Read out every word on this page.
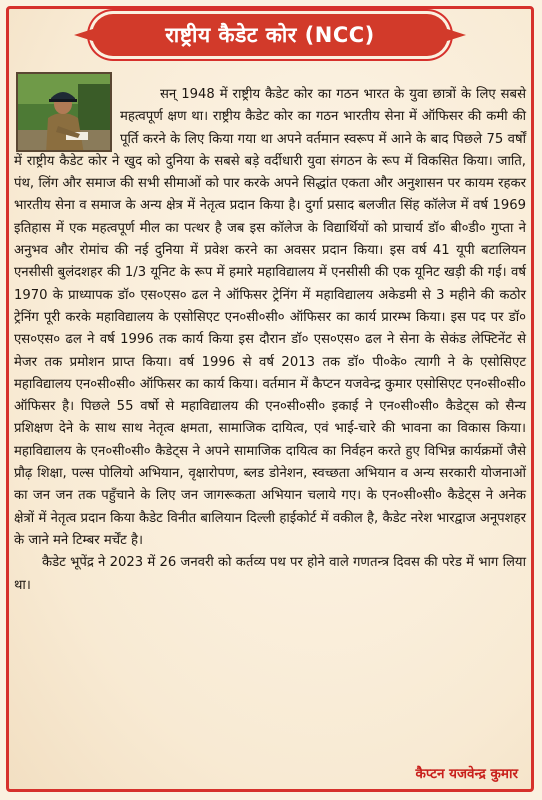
राष्ट्रीय कैडेट कोर (NCC)

सन् 1948 में राष्ट्रीय कैडेट कोर का गठन भारत के युवा छात्रों के लिए सबसे महत्वपूर्ण क्षण था। राष्ट्रीय कैडेट कोर का गठन भारतीय सेना में ऑफिसर की कमी की पूर्ति करने के लिए किया गया था अपने वर्तमान स्वरूप में आने के बाद पिछले 75 वर्षों में राष्ट्रीय कैडेट कोर ने खुद को दुनिया के सबसे बड़े वर्दीधारी युवा संगठन के रूप में विकसित किया। जाति, पंथ, लिंग और समाज की सभी सीमाओं को पार करके अपने सिद्धांत एकता और अनुशासन पर कायम रहकर भारतीय सेना व समाज के अन्य क्षेत्र में नेतृत्व प्रदान किया है। दुर्गा प्रसाद बलजीत सिंह कॉलेज में वर्ष 1969 इतिहास में एक महत्वपूर्ण मील का पत्थर है जब इस कॉलेज के विद्यार्थियों को प्राचार्य डॉ० बी०डी० गुप्ता ने अनुभव और रोमांच की नई दुनिया में प्रवेश करने का अवसर प्रदान किया। इस वर्ष 41 यूपी बटालियन एनसीसी बुलंदशहर की 1/3 यूनिट के रूप में हमारे महाविद्यालय में एनसीसी की एक यूनिट खड़ी की गई। वर्ष 1970 के प्राध्यापक डॉ० एस०एस० ढल ने ऑफिसर ट्रेनिंग में महाविद्यालय अकेडमी से 3 महीने की कठोर ट्रेनिंग पूरी करके महाविद्यालय के एसोसिएट एन०सी०सी० ऑफिसर का कार्य प्रारम्भ किया। इस पद पर डॉ० एस०एस० ढल ने वर्ष 1996 तक कार्य किया इस दौरान डॉ० एस०एस० ढल ने सेना के सेकंड लेफ्टिनेंट से मेजर तक प्रमोशन प्राप्त किया। वर्ष 1996 से वर्ष 2013 तक डॉ० पी०के० त्यागी ने के एसोसिएट महाविद्यालय एन०सी०सी० ऑफिसर का कार्य किया। वर्तमान में कैप्टन यजवेन्द्र कुमार एसोसिएट एन०सी०सी० ऑफिसर है। पिछले 55 वर्षो से महाविद्यालय की एन०सी०सी० इकाई ने एन०सी०सी० कैडेट्स को सैन्य प्रशिक्षण देने के साथ साथ नेतृत्व क्षमता, सामाजिक दायित्व, एवं भाई-चारे की भावना का विकास किया। महाविद्यालय के एन०सी०सी० कैडेट्स ने अपने सामाजिक दायित्व का निर्वहन करते हुए विभिन्न कार्यक्रमों जैसे प्रौढ़ शिक्षा, पल्स पोलियो अभियान, वृक्षारोपण, ब्लड डोनेशन, स्वच्छता अभियान व अन्य सरकारी योजनाओं का जन जन तक पहुँचाने के लिए जन जागरूकता अभियान चलाये गए। के एन०सी०सी० कैडेट्स ने अनेक क्षेत्रों में नेतृत्व प्रदान किया कैडेट विनीत बालियान दिल्ली हाईकोर्ट में वकील है, कैडेट नरेश भारद्वाज अनूपशहर के जाने मने टिम्बर मर्चेंट है।

कैडेट भूपेंद्र ने 2023 में 26 जनवरी को कर्तव्य पथ पर होने वाले गणतन्त्र दिवस की परेड में भाग लिया था।

कैप्टन यजवेन्द्र कुमार
